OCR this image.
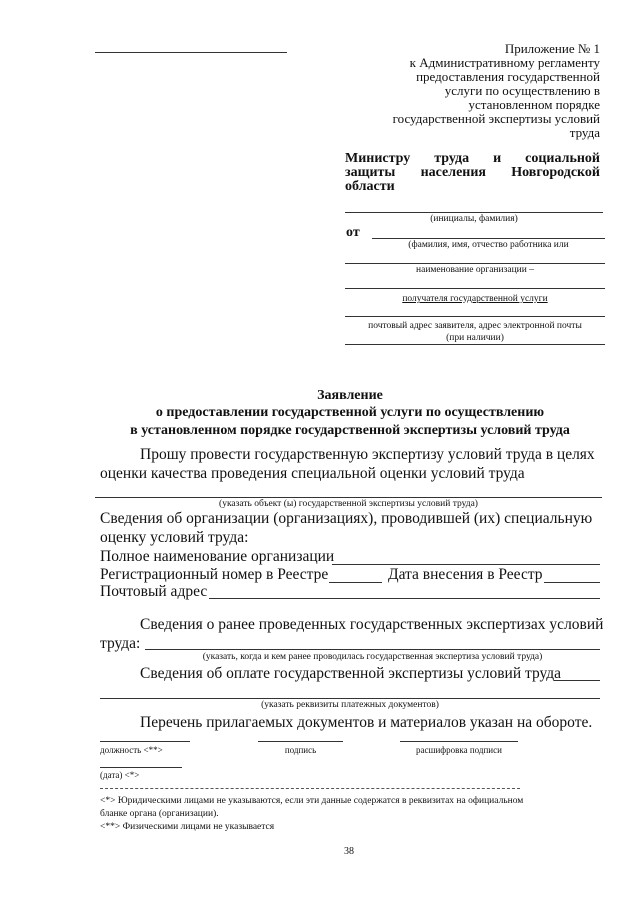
Приложение № 1
к Административному регламенту
предоставления государственной
услуги по осуществлению в
установленном порядке
государственной экспертизы условий
труда
Министру труда и социальной
защиты населения Новгородской
области
(инициалы, фамилия)
от
(фамилия, имя, отчество работника или
наименование организации –
получателя государственной услуги
почтовый адрес заявителя, адрес электронной почты
(при наличии)
Заявление
о предоставлении государственной услуги по осуществлению
в установленном порядке государственной экспертизы условий труда
Прошу провести государственную экспертизу условий труда в целях
оценки качества проведения специальной оценки условий труда
(указать объект (ы) государственной экспертизы условий труда)
Сведения об организации (организациях), проводившей (их) специальную
оценку условий труда:
Полное наименование организации
Регистрационный номер в Реестре	Дата внесения в Реестр
Почтовый адрес
Сведения о ранее проведенных государственных экспертизах условий
труда:
(указать, когда и кем ранее проводилась государственная экспертиза условий труда)
Сведения об оплате государственной экспертизы условий труда
(указать реквизиты платежных документов)
Перечень прилагаемых документов и материалов указан на обороте.
должность <**>	подпись	расшифровка подписи
(дата) <*>
<*> Юридическими лицами не указываются, если эти данные содержатся в реквизитах на официальном
бланке органа (организации).
<**> Физическими лицами не указывается
38
